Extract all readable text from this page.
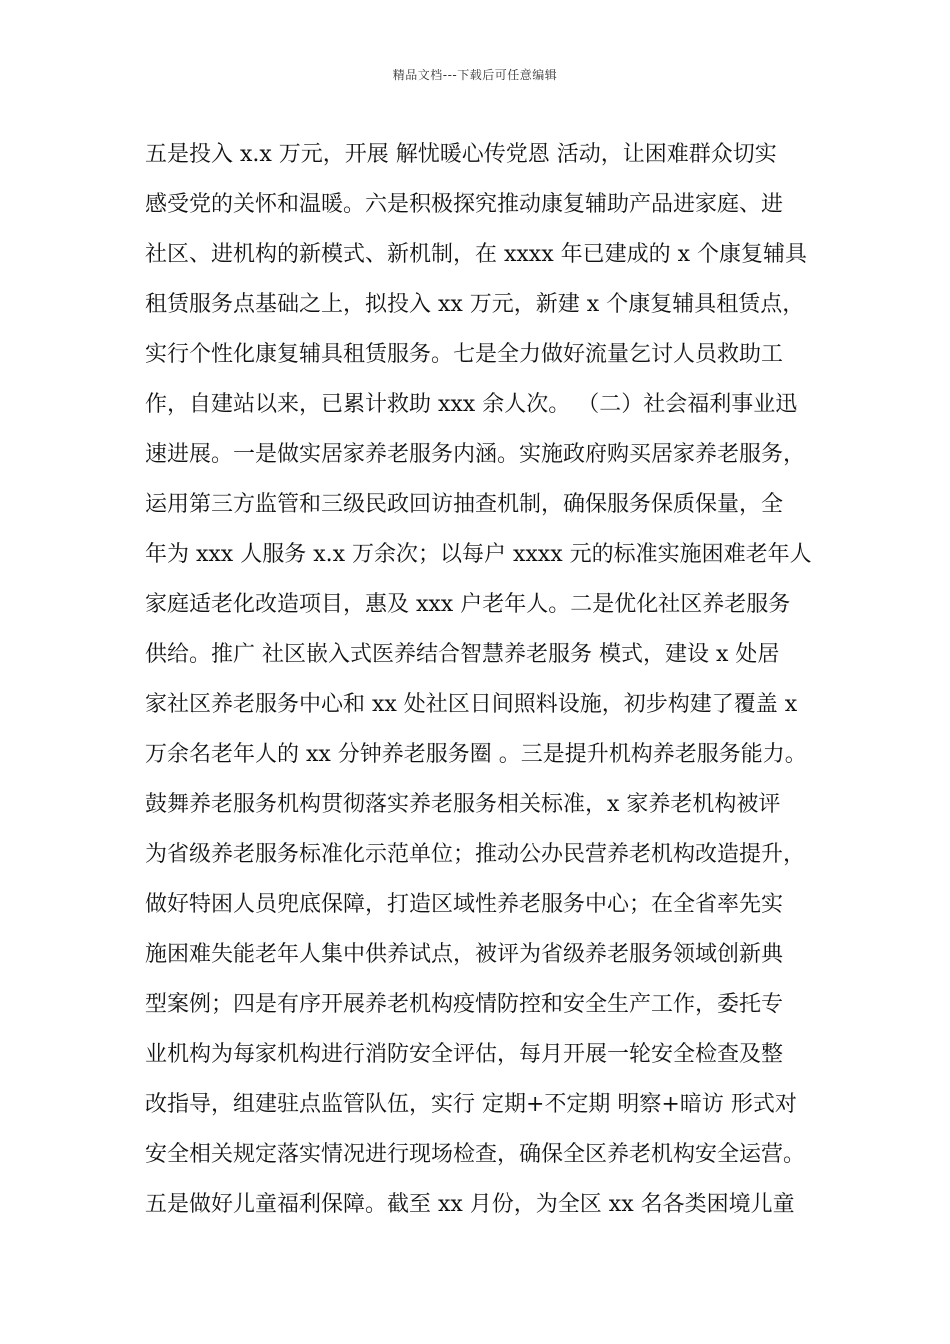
精品文档---下载后可任意编辑
五是投入 x.x 万元，开展 解忧暖心传党恩 活动，让困难群众切实
感受党的关怀和温暖。六是积极探究推动康复辅助产品进家庭、进
社区、进机构的新模式、新机制，在 xxxx 年已建成的 x 个康复辅具
租赁服务点基础之上，拟投入 xx 万元，新建 x 个康复辅具租赁点，
实行个性化康复辅具租赁服务。七是全力做好流量乞讨人员救助工
作，自建站以来，已累计救助 xxx 余人次。 （二）社会福利事业迅
速进展。一是做实居家养老服务内涵。实施政府购买居家养老服务，
运用第三方监管和三级民政回访抽查机制，确保服务保质保量，全
年为 xxx 人服务 x.x 万余次；以每户 xxxx 元的标准实施困难老年人
家庭适老化改造项目，惠及 xxx 户老年人。二是优化社区养老服务
供给。推广 社区嵌入式医养结合智慧养老服务 模式，建设 x 处居
家社区养老服务中心和 xx 处社区日间照料设施，初步构建了覆盖 x
万余名老年人的 xx 分钟养老服务圈 。三是提升机构养老服务能力。
鼓舞养老服务机构贯彻落实养老服务相关标准，x 家养老机构被评
为省级养老服务标准化示范单位；推动公办民营养老机构改造提升，
做好特困人员兜底保障，打造区域性养老服务中心；在全省率先实
施困难失能老年人集中供养试点，被评为省级养老服务领域创新典
型案例；四是有序开展养老机构疫情防控和安全生产工作，委托专
业机构为每家机构进行消防安全评估，每月开展一轮安全检查及整
改指导，组建驻点监管队伍，实行 定期+不定期 明察+暗访 形式对
安全相关规定落实情况进行现场检查，确保全区养老机构安全运营。
五是做好儿童福利保障。截至 xx 月份，为全区 xx 名各类困境儿童
